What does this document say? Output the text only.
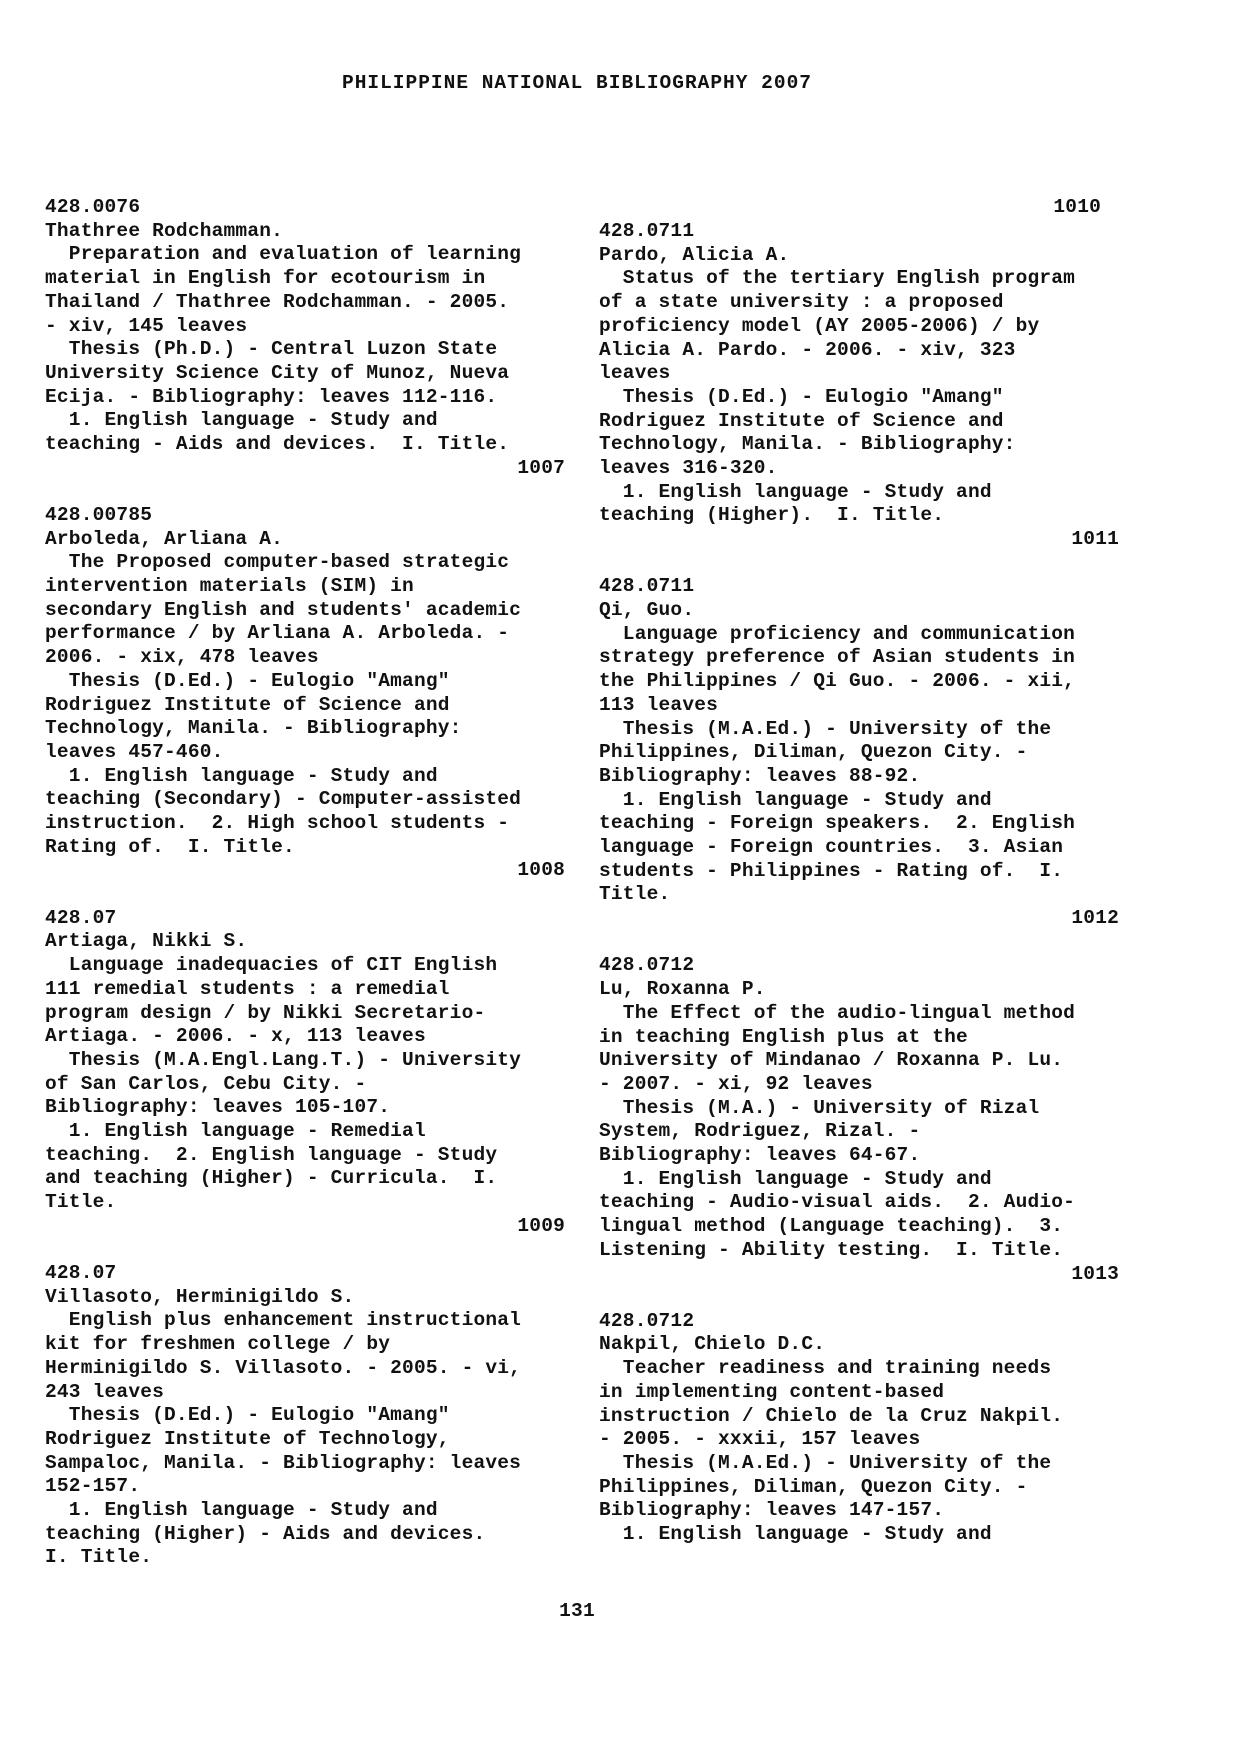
PHILIPPINE NATIONAL BIBLIOGRAPHY 2007
1010
428.0076
Thathree Rodchamman.
Preparation and evaluation of learning
material in English for ecotourism in
Thailand / Thathree Rodchamman. - 2005.
- xiv, 145 leaves
Thesis (Ph.D.) - Central Luzon State
University Science City of Munoz, Nueva
Ecija. - Bibliography: leaves 112-116.
1. English language - Study and
teaching - Aids and devices.  I. Title.
1007
428.00785
Arboleda, Arliana A.
The Proposed computer-based strategic
intervention materials (SIM) in
secondary English and students' academic
performance / by Arliana A. Arboleda. -
2006. - xix, 478 leaves
Thesis (D.Ed.) - Eulogio "Amang"
Rodriguez Institute of Science and
Technology, Manila. - Bibliography:
leaves 457-460.
1. English language - Study and
teaching (Secondary) - Computer-assisted
instruction.  2. High school students -
Rating of.  I. Title.
1008
428.07
Artiaga, Nikki S.
Language inadequacies of CIT English
111 remedial students : a remedial
program design / by Nikki Secretario-
Artiaga. - 2006. - x, 113 leaves
Thesis (M.A.Engl.Lang.T.) - University
of San Carlos, Cebu City. -
Bibliography: leaves 105-107.
1. English language - Remedial
teaching.  2. English language - Study
and teaching (Higher) - Curricula.  I.
Title.
1009
428.07
Villasoto, Herminigildo S.
English plus enhancement instructional
kit for freshmen college / by
Herminigildo S. Villasoto. - 2005. - vi,
243 leaves
Thesis (D.Ed.) - Eulogio "Amang"
Rodriguez Institute of Technology,
Sampaloc, Manila. - Bibliography: leaves
152-157.
1. English language - Study and
teaching (Higher) - Aids and devices.
I. Title.
428.0711
Pardo, Alicia A.
Status of the tertiary English program
of a state university : a proposed
proficiency model (AY 2005-2006) / by
Alicia A. Pardo. - 2006. - xiv, 323
leaves
Thesis (D.Ed.) - Eulogio "Amang"
Rodriguez Institute of Science and
Technology, Manila. - Bibliography:
leaves 316-320.
1. English language - Study and
teaching (Higher).  I. Title.
1011
428.0711
Qi, Guo.
Language proficiency and communication
strategy preference of Asian students in
the Philippines / Qi Guo. - 2006. - xii,
113 leaves
Thesis (M.A.Ed.) - University of the
Philippines, Diliman, Quezon City. -
Bibliography: leaves 88-92.
1. English language - Study and
teaching - Foreign speakers.  2. English
language - Foreign countries.  3. Asian
students - Philippines - Rating of.  I.
Title.
1012
428.0712
Lu, Roxanna P.
The Effect of the audio-lingual method
in teaching English plus at the
University of Mindanao / Roxanna P. Lu.
- 2007. - xi, 92 leaves
Thesis (M.A.) - University of Rizal
System, Rodriguez, Rizal. -
Bibliography: leaves 64-67.
1. English language - Study and
teaching - Audio-visual aids.  2. Audio-
lingual method (Language teaching).  3.
Listening - Ability testing.  I. Title.
1013
428.0712
Nakpil, Chielo D.C.
Teacher readiness and training needs
in implementing content-based
instruction / Chielo de la Cruz Nakpil.
- 2005. - xxxii, 157 leaves
Thesis (M.A.Ed.) - University of the
Philippines, Diliman, Quezon City. -
Bibliography: leaves 147-157.
1. English language - Study and
131
